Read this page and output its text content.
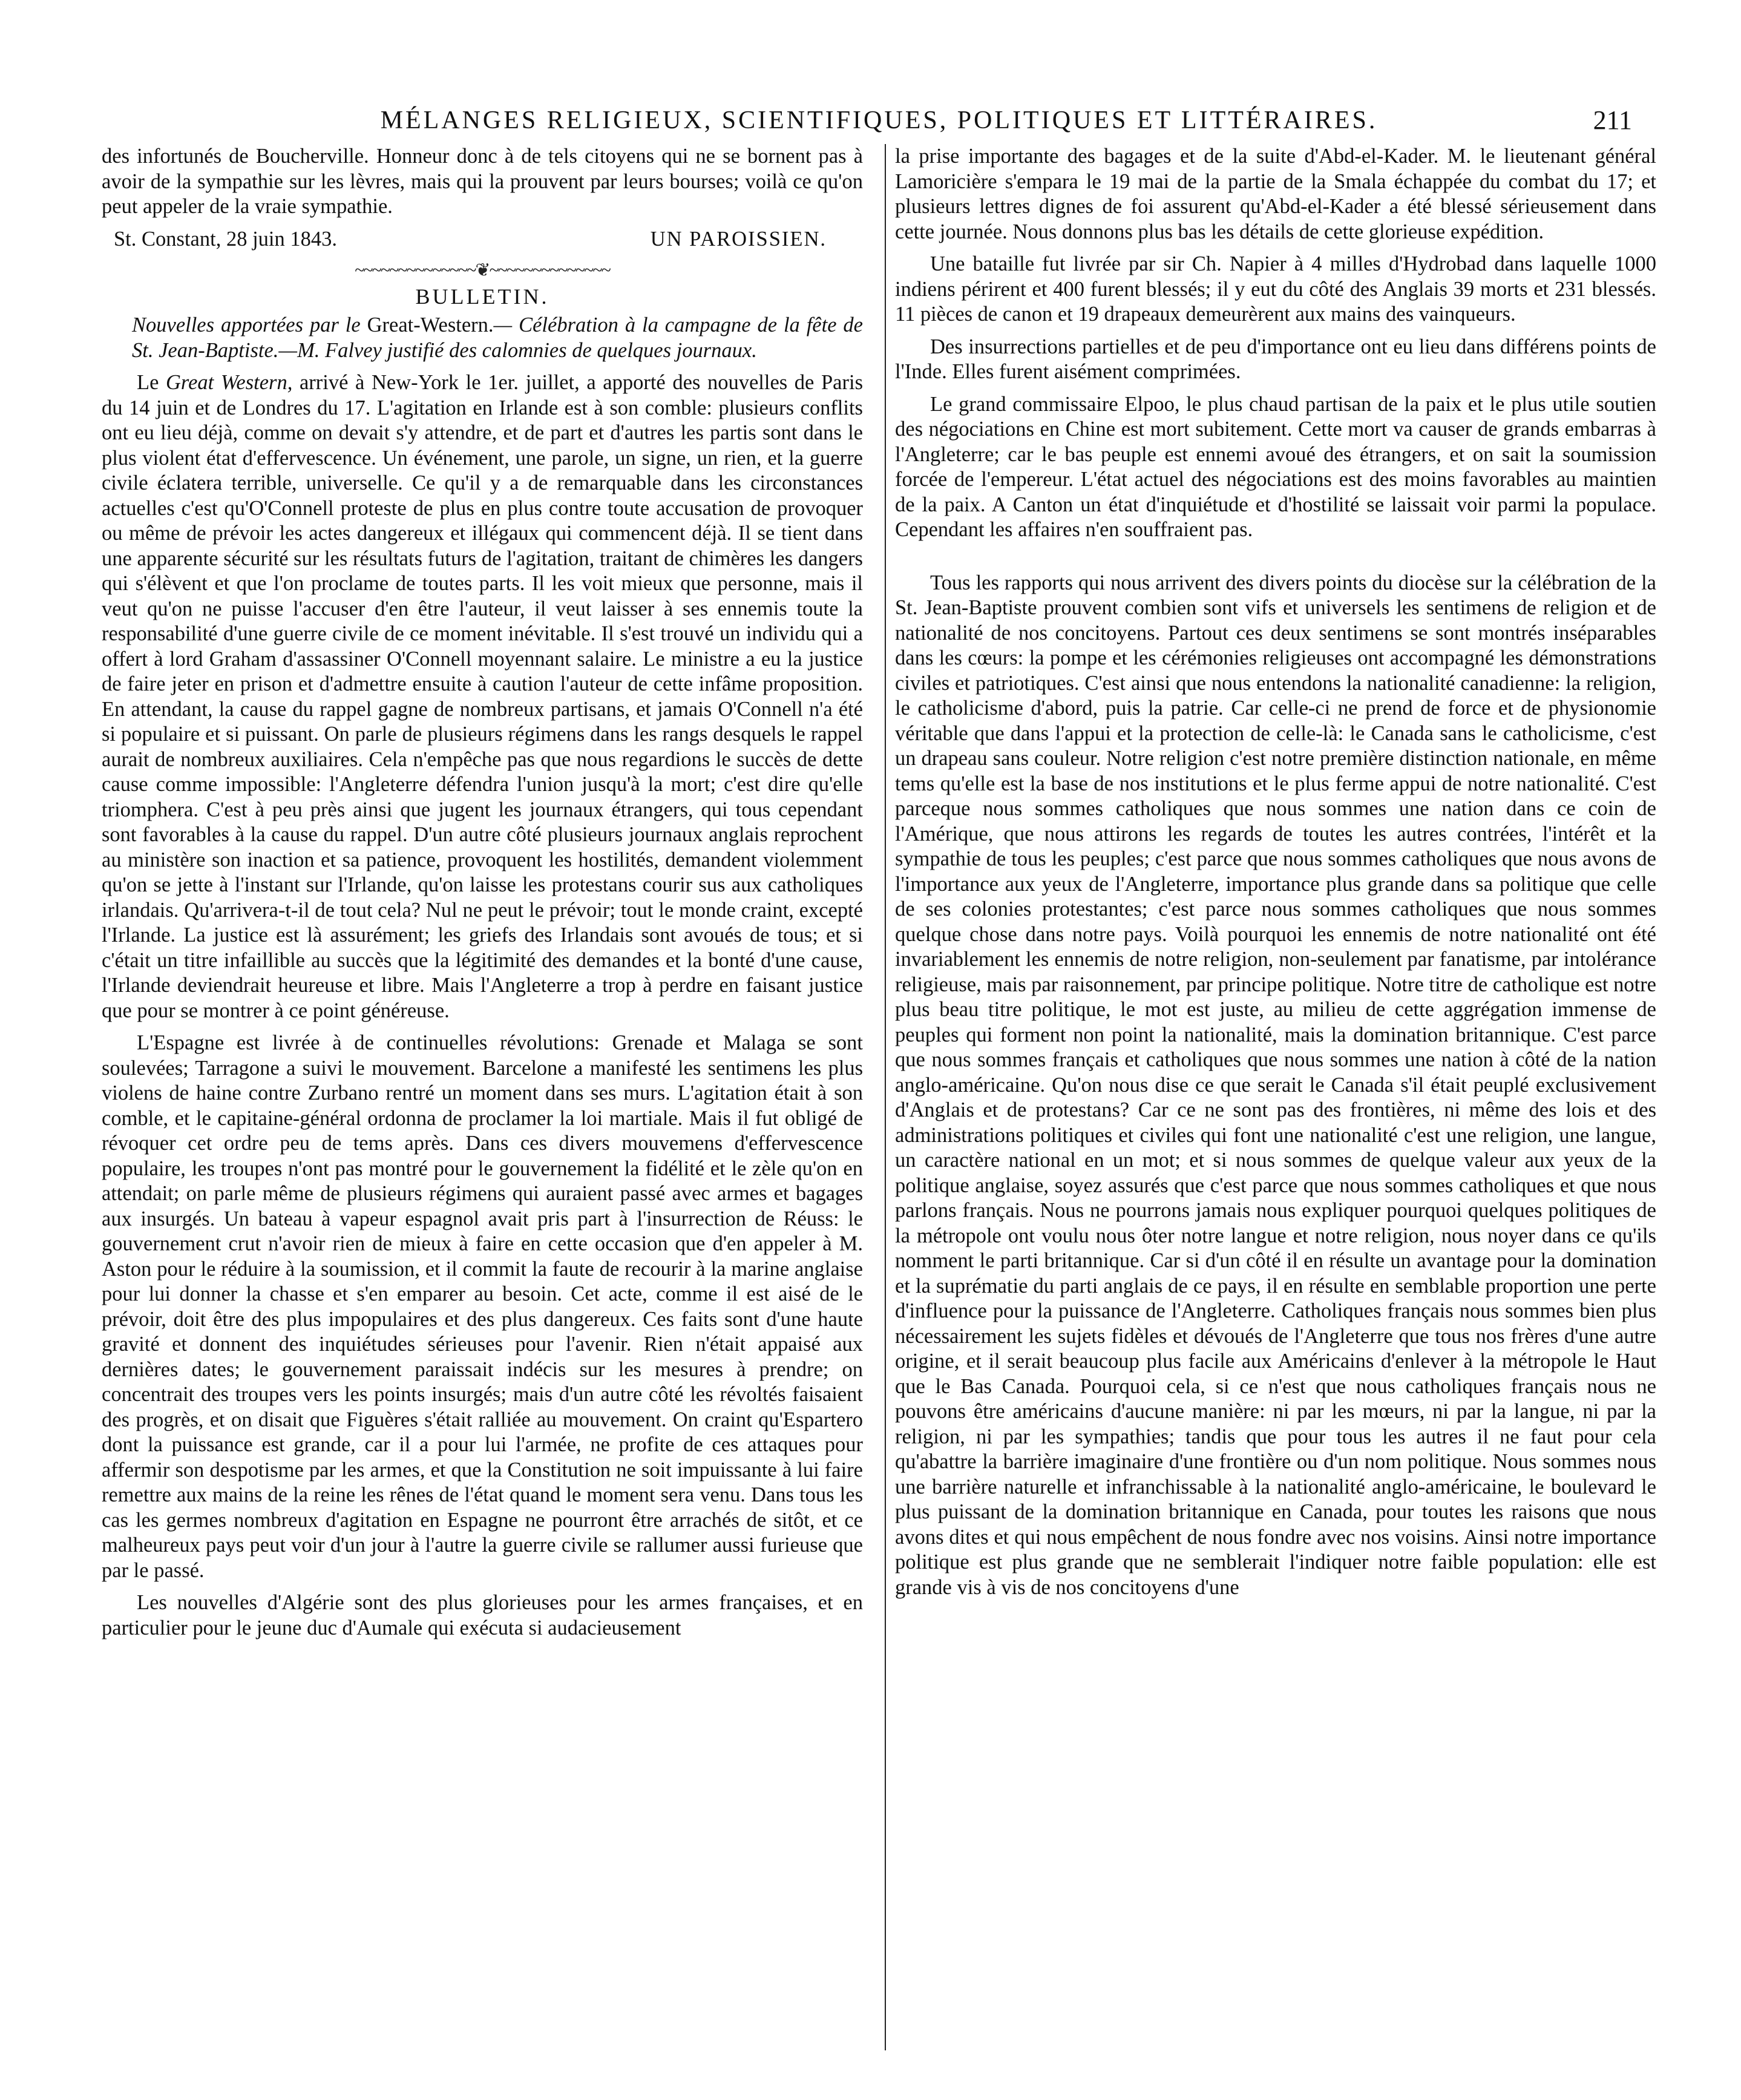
MÉLANGES RELIGIEUX, SCIENTIFIQUES, POLITIQUES ET LITTÉRAIRES.	211

des infortunés de Boucherville. Honneur donc à de tels citoyens qui ne se bornent pas à avoir de la sympathie sur les lèvres, mais qui la prouvent par leurs bourses; voilà ce qu'on peut appeler de la vraie sympathie.

St. Constant, 28 juin 1843.	UN PAROISSIEN.
~~~~~~~~~~~~~~❦~~~~~~~~~~~~~~
BULLETIN.

Nouvelles apportées par le Great-Western.— Célébration à la campagne de la fête de St. Jean-Baptiste.—M. Falvey justifié des calomnies de quelques journaux.

Le Great Western, arrivé à New-York le 1er. juillet, a apporté des nouvelles de Paris du 14 juin et de Londres du 17. L'agitation en Irlande est à son comble: plusieurs conflits ont eu lieu déjà, comme on devait s'y attendre, et de part et d'autres les partis sont dans le plus violent état d'effervescence. Un événement, une parole, un signe, un rien, et la guerre civile éclatera terrible, universelle. Ce qu'il y a de remarquable dans les circonstances actuelles c'est qu'O'Connell proteste de plus en plus contre toute accusation de provoquer ou même de prévoir les actes dangereux et illégaux qui commencent déjà. Il se tient dans une apparente sécurité sur les résultats futurs de l'agitation, traitant de chimères les dangers qui s'élèvent et que l'on proclame de toutes parts. Il les voit mieux que personne, mais il veut qu'on ne puisse l'accuser d'en être l'auteur, il veut laisser à ses ennemis toute la responsabilité d'une guerre civile de ce moment inévitable. Il s'est trouvé un individu qui a offert à lord Graham d'assassiner O'Connell moyennant salaire. Le ministre a eu la justice de faire jeter en prison et d'admettre ensuite à caution l'auteur de cette infâme proposition. En attendant, la cause du rappel gagne de nombreux partisans, et jamais O'Connell n'a été si populaire et si puissant. On parle de plusieurs régimens dans les rangs desquels le rappel aurait de nombreux auxiliaires. Cela n'empêche pas que nous regardions le succès de dette cause comme impossible: l'Angleterre défendra l'union jusqu'à la mort; c'est dire qu'elle triomphera. C'est à peu près ainsi que jugent les journaux étrangers, qui tous cependant sont favorables à la cause du rappel. D'un autre côté plusieurs journaux anglais reprochent au ministère son inaction et sa patience, provoquent les hostilités, demandent violemment qu'on se jette à l'instant sur l'Irlande, qu'on laisse les protestans courir sus aux catholiques irlandais. Qu'arrivera-t-il de tout cela? Nul ne peut le prévoir; tout le monde craint, excepté l'Irlande. La justice est là assurément; les griefs des Irlandais sont avoués de tous; et si c'était un titre infaillible au succès que la légitimité des demandes et la bonté d'une cause, l'Irlande deviendrait heureuse et libre. Mais l'Angleterre a trop à perdre en faisant justice que pour se montrer à ce point généreuse.

L'Espagne est livrée à de continuelles révolutions: Grenade et Malaga se sont soulevées; Tarragone a suivi le mouvement. Barcelone a manifesté les sentimens les plus violens de haine contre Zurbano rentré un moment dans ses murs. L'agitation était à son comble, et le capitaine-général ordonna de proclamer la loi martiale. Mais il fut obligé de révoquer cet ordre peu de tems après. Dans ces divers mouvemens d'effervescence populaire, les troupes n'ont pas montré pour le gouvernement la fidélité et le zèle qu'on en attendait; on parle même de plusieurs régimens qui auraient passé avec armes et bagages aux insurgés. Un bateau à vapeur espagnol avait pris part à l'insurrection de Réuss: le gouvernement crut n'avoir rien de mieux à faire en cette occasion que d'en appeler à M. Aston pour le réduire à la soumission, et il commit la faute de recourir à la marine anglaise pour lui donner la chasse et s'en emparer au besoin. Cet acte, comme il est aisé de le prévoir, doit être des plus impopulaires et des plus dangereux. Ces faits sont d'une haute gravité et donnent des inquiétudes sérieuses pour l'avenir. Rien n'était appaisé aux dernières dates; le gouvernement paraissait indécis sur les mesures à prendre; on concentrait des troupes vers les points insurgés; mais d'un autre côté les révoltés faisaient des progrès, et on disait que Figuères s'était ralliée au mouvement. On craint qu'Espartero dont la puissance est grande, car il a pour lui l'armée, ne profite de ces attaques pour affermir son despotisme par les armes, et que la Constitution ne soit impuissante à lui faire remettre aux mains de la reine les rênes de l'état quand le moment sera venu. Dans tous les cas les germes nombreux d'agitation en Espagne ne pourront être arrachés de sitôt, et ce malheureux pays peut voir d'un jour à l'autre la guerre civile se rallumer aussi furieuse que par le passé.

Les nouvelles d'Algérie sont des plus glorieuses pour les armes françaises, et en particulier pour le jeune duc d'Aumale qui exécuta si audacieusement

la prise importante des bagages et de la suite d'Abd-el-Kader. M. le lieutenant général Lamoricière s'empara le 19 mai de la partie de la Smala échappée du combat du 17; et plusieurs lettres dignes de foi assurent qu'Abd-el-Kader a été blessé sérieusement dans cette journée. Nous donnons plus bas les détails de cette glorieuse expédition.

Une bataille fut livrée par sir Ch. Napier à 4 milles d'Hydrobad dans laquelle 1000 indiens périrent et 400 furent blessés; il y eut du côté des Anglais 39 morts et 231 blessés. 11 pièces de canon et 19 drapeaux demeurèrent aux mains des vainqueurs.

Des insurrections partielles et de peu d'importance ont eu lieu dans différens points de l'Inde. Elles furent aisément comprimées.

Le grand commissaire Elpoo, le plus chaud partisan de la paix et le plus utile soutien des négociations en Chine est mort subitement. Cette mort va causer de grands embarras à l'Angleterre; car le bas peuple est ennemi avoué des étrangers, et on sait la soumission forcée de l'empereur. L'état actuel des négociations est des moins favorables au maintien de la paix. A Canton un état d'inquiétude et d'hostilité se laissait voir parmi la populace. Cependant les affaires n'en souffraient pas.

Tous les rapports qui nous arrivent des divers points du diocèse sur la célébration de la St. Jean-Baptiste prouvent combien sont vifs et universels les sentimens de religion et de nationalité de nos concitoyens. Partout ces deux sentimens se sont montrés inséparables dans les cœurs: la pompe et les cérémonies religieuses ont accompagné les démonstrations civiles et patriotiques. C'est ainsi que nous entendons la nationalité canadienne: la religion, le catholicisme d'abord, puis la patrie. Car celle-ci ne prend de force et de physionomie véritable que dans l'appui et la protection de celle-là: le Canada sans le catholicisme, c'est un drapeau sans couleur. Notre religion c'est notre première distinction nationale, en même tems qu'elle est la base de nos institutions et le plus ferme appui de notre nationalité. C'est parceque nous sommes catholiques que nous sommes une nation dans ce coin de l'Amérique, que nous attirons les regards de toutes les autres contrées, l'intérêt et la sympathie de tous les peuples; c'est parce que nous sommes catholiques que nous avons de l'importance aux yeux de l'Angleterre, importance plus grande dans sa politique que celle de ses colonies protestantes; c'est parce nous sommes catholiques que nous sommes quelque chose dans notre pays. Voilà pourquoi les ennemis de notre nationalité ont été invariablement les ennemis de notre religion, non-seulement par fanatisme, par intolérance religieuse, mais par raisonnement, par principe politique. Notre titre de catholique est notre plus beau titre politique, le mot est juste, au milieu de cette aggrégation immense de peuples qui forment non point la nationalité, mais la domination britannique. C'est parce que nous sommes français et catholiques que nous sommes une nation à côté de la nation anglo-américaine. Qu'on nous dise ce que serait le Canada s'il était peuplé exclusivement d'Anglais et de protestans? Car ce ne sont pas des frontières, ni même des lois et des administrations politiques et civiles qui font une nationalité c'est une religion, une langue, un caractère national en un mot; et si nous sommes de quelque valeur aux yeux de la politique anglaise, soyez assurés que c'est parce que nous sommes catholiques et que nous parlons français. Nous ne pourrons jamais nous expliquer pourquoi quelques politiques de la métropole ont voulu nous ôter notre langue et notre religion, nous noyer dans ce qu'ils nomment le parti britannique. Car si d'un côté il en résulte un avantage pour la domination et la suprématie du parti anglais de ce pays, il en résulte en semblable proportion une perte d'influence pour la puissance de l'Angleterre. Catholiques français nous sommes bien plus nécessairement les sujets fidèles et dévoués de l'Angleterre que tous nos frères d'une autre origine, et il serait beaucoup plus facile aux Américains d'enlever à la métropole le Haut que le Bas Canada. Pourquoi cela, si ce n'est que nous catholiques français nous ne pouvons être américains d'aucune manière: ni par les mœurs, ni par la langue, ni par la religion, ni par les sympathies; tandis que pour tous les autres il ne faut pour cela qu'abattre la barrière imaginaire d'une frontière ou d'un nom politique. Nous sommes nous une barrière naturelle et infranchissable à la nationalité anglo-américaine, le boulevard le plus puissant de la domination britannique en Canada, pour toutes les raisons que nous avons dites et qui nous empêchent de nous fondre avec nos voisins. Ainsi notre importance politique est plus grande que ne semblerait l'indiquer notre faible population: elle est grande vis à vis de nos concitoyens d'une
